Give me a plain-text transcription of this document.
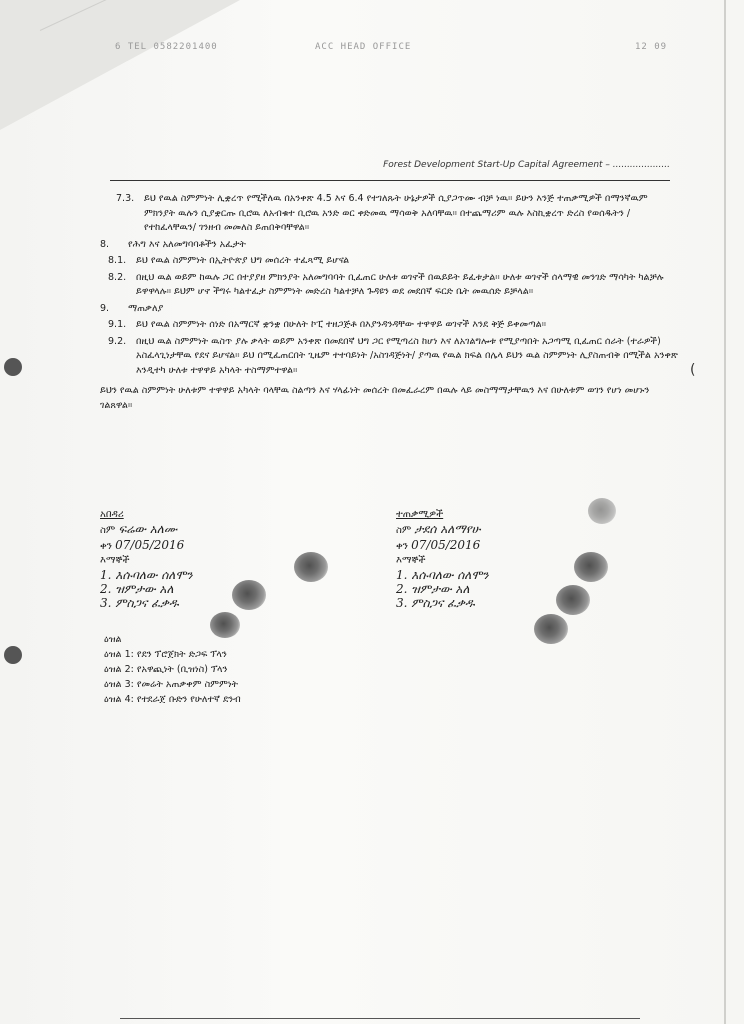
6 TEL 0582201400	ACC HEAD OFFICE	12 09
Forest Development Start-Up Capital Agreement – ....................
7.3.	ይህ የዉል ስምምነት ሊቋረጥ የሚችለዉ በአንቀጽ 4.5 እና 6.4 የተገለጹት ሁኔታዎች ሲያጋጥሙ ብቻ ነዉ። ይሁን እንጅ ተጠቃሚዎች በማንኛዉም ምክንያት ዉሉን ሲያቋርጡ ቢሮዉ ለአብቁተ ቢሮዉ አንድ ወር ቀድመዉ ማሳወቅ አለባቸዉ። በተጨማሪም ዉሉ እስኪቋረጥ ድረስ የወሰዱትን /የተከፈላቸዉን/ ገንዘብ መመለስ ይጠበቅባቸዋል።
8.	የሕግ እና አለመግባባቶችን አፈታት
8.1.	ይህ የዉል ስምምነት በኢትዮጵያ ህግ መሰረት ተፈጻሚ ይሆናል
8.2.	በዚህ ዉል ወይም ከዉሉ ጋር በተያያዘ ምክንያት አለመግባባት ቢፈጠር ሁለቱ ወገኖች በዉይይት ይፈቱታል። ሁለቱ ወገኖች ሰላማዊ መንገድ ማሳካት ካልቻሉ ይዋዋላሉ። ይህም ሆኖ ችግሩ ካልተፈታ ስምምነት መድረስ ካልተቻለ ጉዳዩን ወደ መደበኛ ፍርድ ቤት መዉሰድ ይቻላል።
9.	ማጠቃለያ
9.1.	ይህ የዉል ስምምነት ሰነድ በአማርኛ ቋንቋ በሁለት ኮፒ ተዘጋጅቶ በእያንዳንዳቸው ተዋዋይ ወገኖች እንደ ቅጅ ይቀመጣል።
9.2.	በዚህ ዉል ስምምነት ዉስጥ ያሉ ቃላት ወይም አንቀጽ በመደበኛ ህግ ጋር የሚጣረስ ከሆነ እና ለአገልግሎቱ የሚያጣበት አጋጣሚ ቢፈጠር ሰራት (ተራዎች) አስፈላጊነታቸዉ የደና ይሆናል። ይህ በሚፈጠርበት ጊዜም ተተባይነት /አስገዳጅነት/ ያጣዉ የዉል ክፍል በሌላ ይህን ዉል ስምምነት ሊያስጠብቅ በሚችል አንቀጽ እንዲተካ ሁለቱ ተዋዋይ አካላት ተስማምተዋል።
ይህን የዉል ስምምነት ሁለቱም ተዋዋይ አካላት ባላቸዉ ስልጣን እና ሃላፊነት መሰረት በመፈራረም በዉሉ ላይ መስማማታቸዉን እና በሁለቱም ወገን የሆነ መሆኑን ገልጸዋል።
(
አበዳሪ
ስም ፍሬው አለሙ
ቀን 07/05/2016
እማኞች
1. እሱባለው ሰለሞን
2. ዝምታው አለ
3. ምስጋና ፈቃዱ
ተጠቃሚዎች
ስም ታደሰ አለማየሁ
ቀን 07/05/2016
እማኞች
1. እሱባለው ሰለሞን
2. ዝምታው አለ
3. ምስጋና ፈቃዱ
ዕዝል
ዕዝል 1: የደን ፕሮጀክት ድጋፍ ፕላን
ዕዝል 2: የአዋጪነት (ቢዝነስ) ፕላን
ዕዝል 3: የመሬት አጠቃቀም ስምምነት
ዕዝል 4: የተደራጀ ቡድን የሁለተኛ ደንብ
